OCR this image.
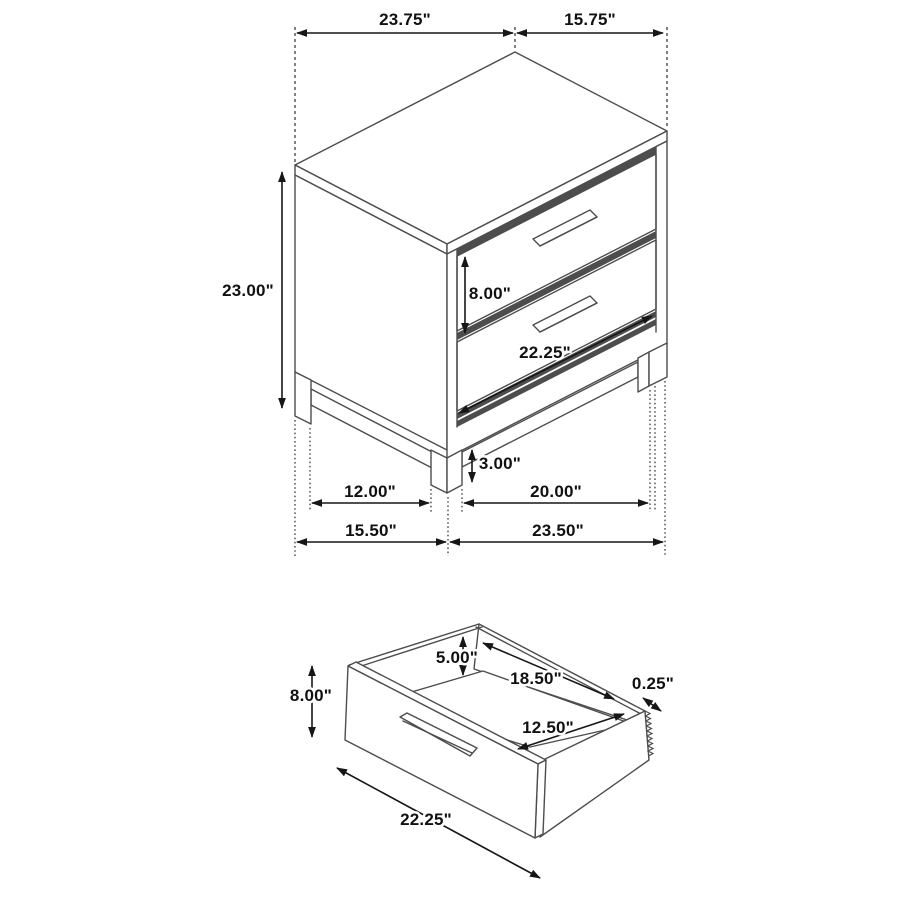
23.75"	15.75"
23.00"	8.00"
22.25"
3.00"
12.00"	20.00"
15.50"	23.50"
8.00"
5.00"
18.50"
12.50"
0.25"
22.25"
